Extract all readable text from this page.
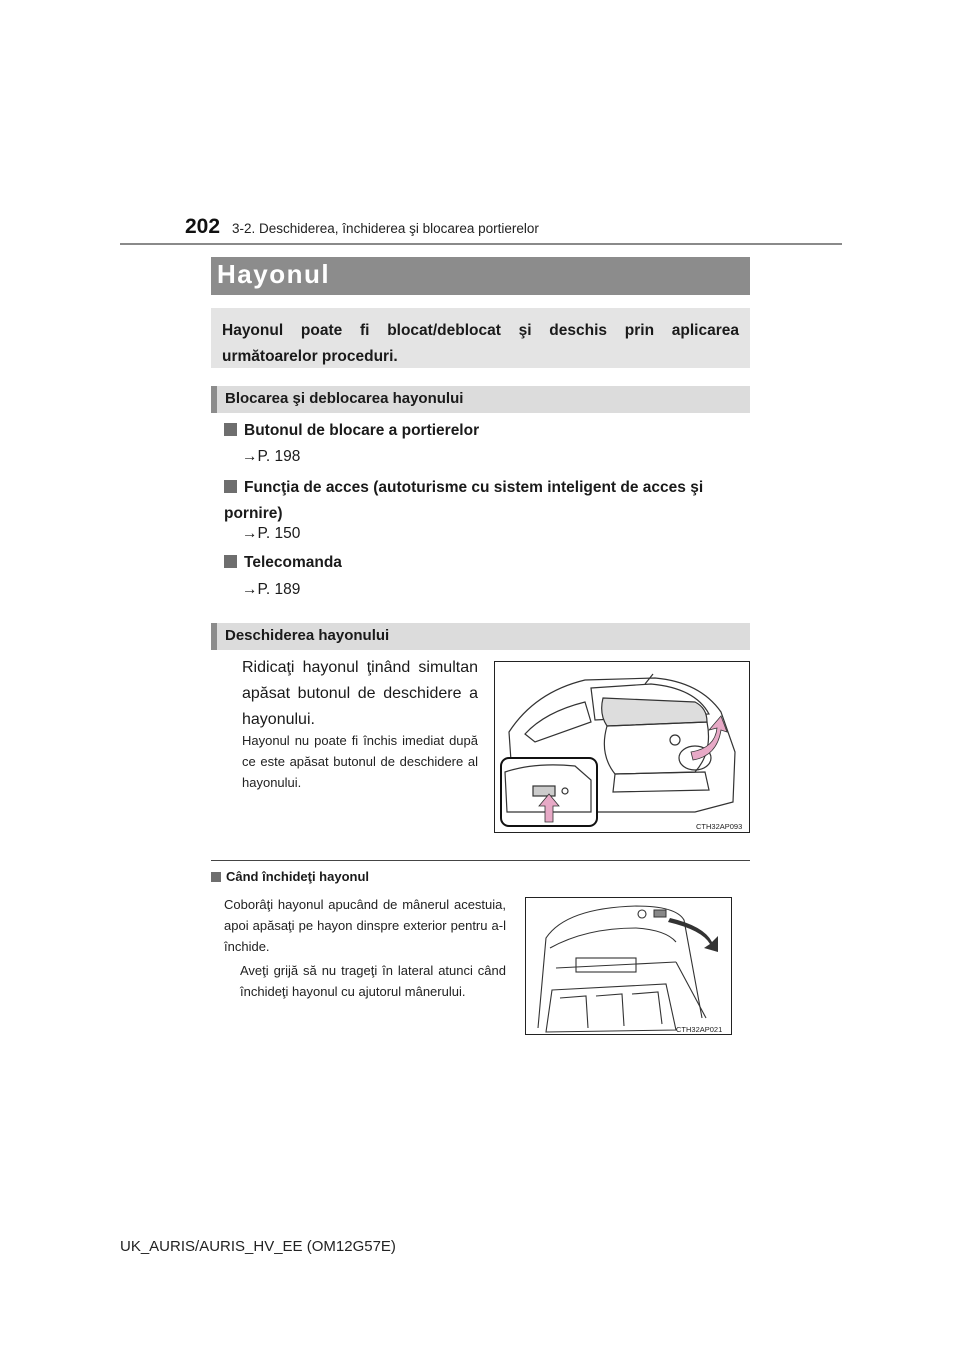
202 3-2. Deschiderea, închiderea şi blocarea portierelor
Hayonul
Hayonul poate fi blocat/deblocat şi deschis prin aplicarea următoarelor proceduri.
Blocarea şi deblocarea hayonului
Butonul de blocare a portierelor
→P. 198
Funcţia de acces (autoturisme cu sistem inteligent de acces şi pornire)
→P. 150
Telecomanda
→P. 189
Deschiderea hayonului
Ridicaţi hayonul ţinând simultan apăsat butonul de deschidere a hayonului.
Hayonul nu poate fi închis imediat după ce este apăsat butonul de deschidere al hayonului.
CTH32AP093
Când închideţi hayonul
Coborâţi hayonul apucând de mânerul acestuia, apoi apăsaţi pe hayon dinspre exterior pentru a-l închide.
Aveţi grijă să nu trageţi în lateral atunci când închideţi hayonul cu ajutorul mânerului.
CTH32AP021
UK_AURIS/AURIS_HV_EE (OM12G57E)
